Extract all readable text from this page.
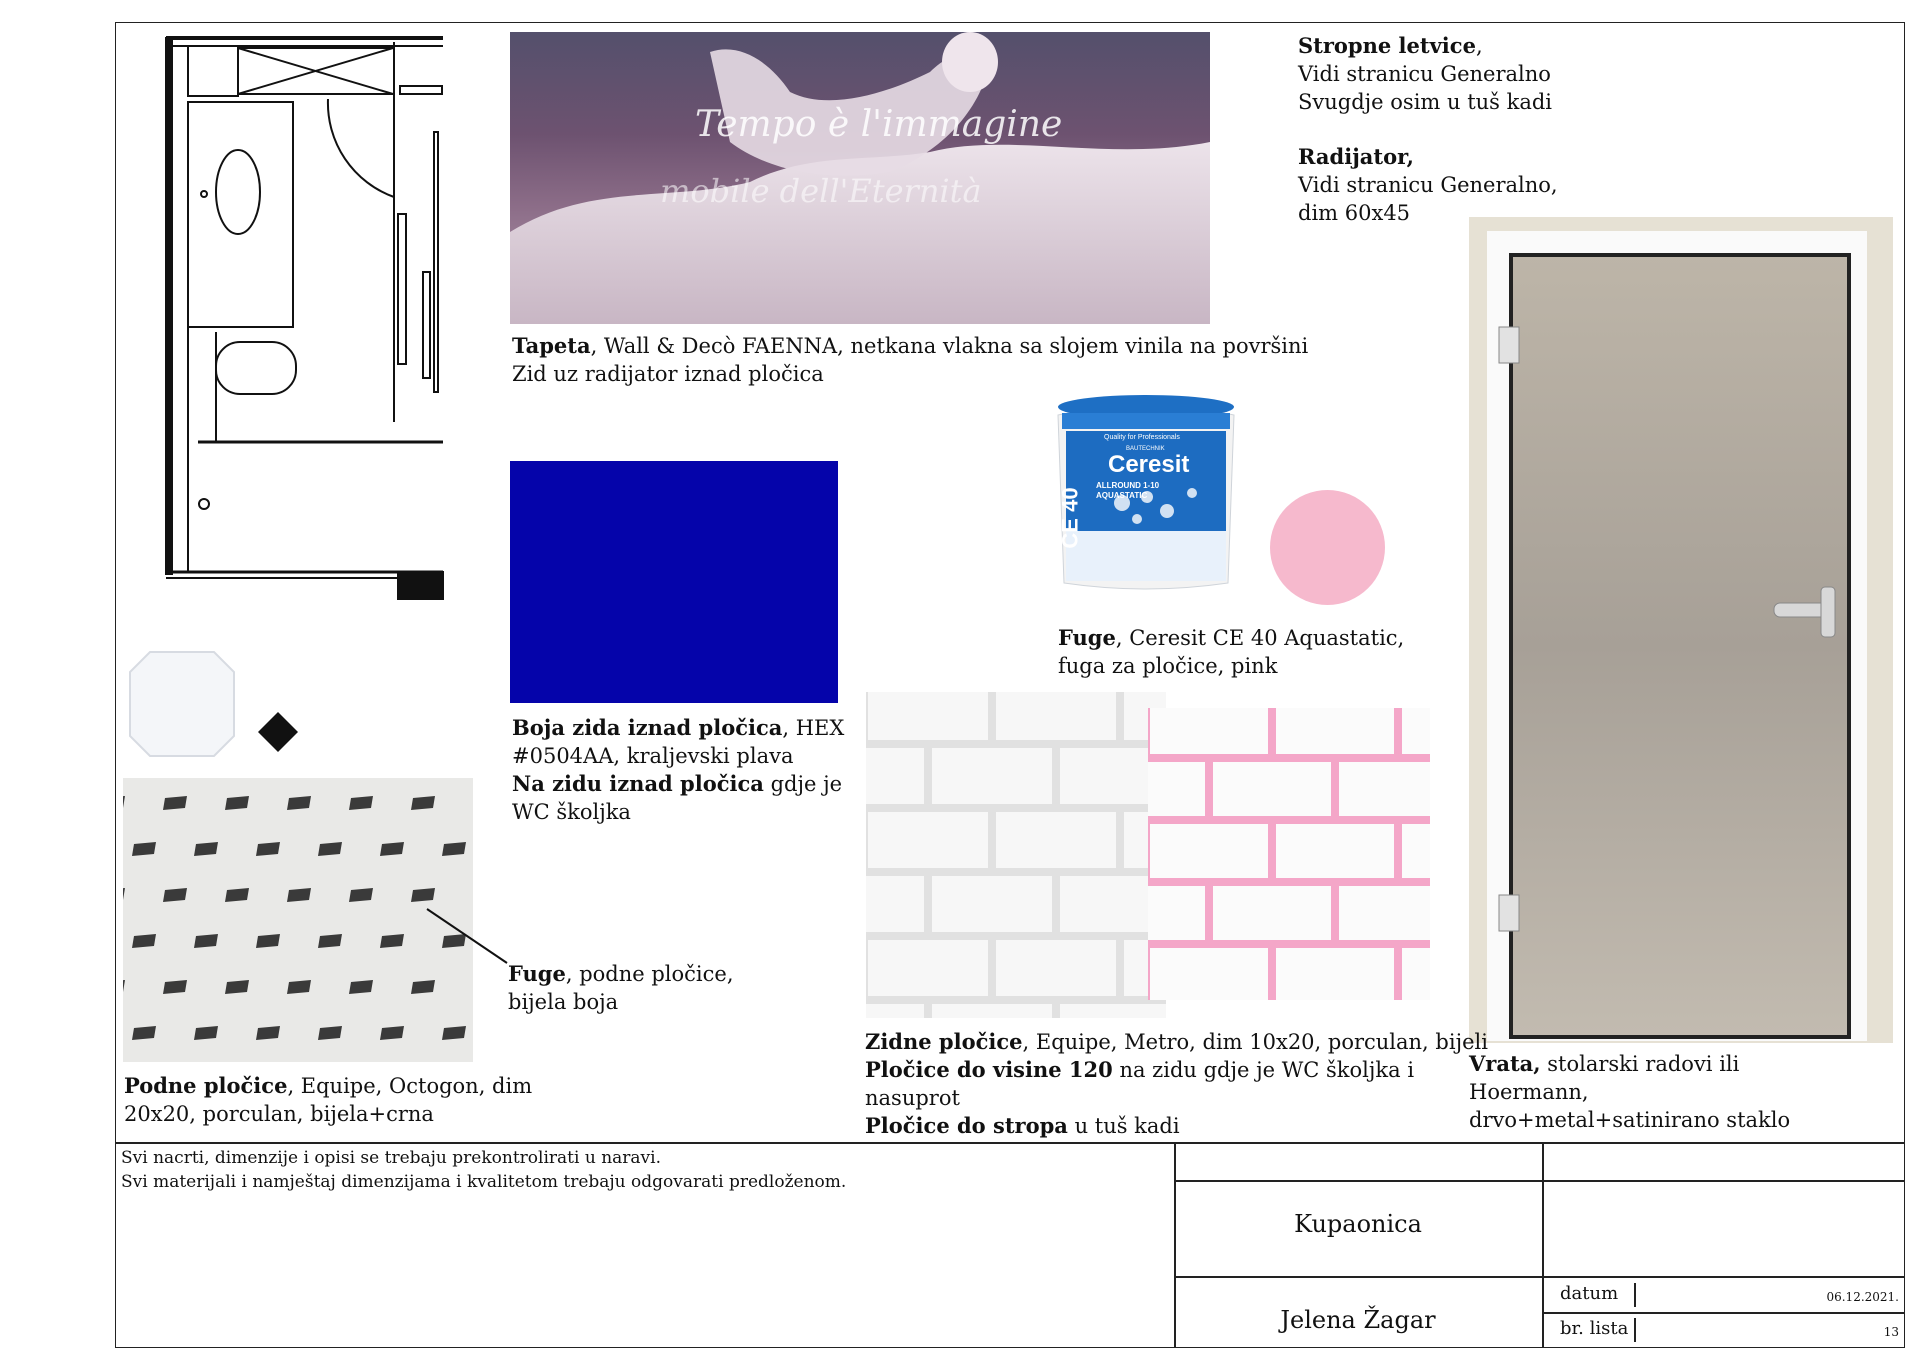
Tempo è l'immagine
mobile dell'Eternità
Stropne letvice,
Vidi stranicu Generalno
Svugdje osim u tuš kadi
Radijator,
Vidi stranicu Generalno,
dim 60x45
Tapeta, Wall & Decò FAENNA, netkana vlakna sa slojem vinila na površini
Zid uz radijator iznad pločica
Quality for Professionals
BAUTECHNIK
Ceresit
CE 40
ALLROUND 1-10 AQUASTATIC
Fuge, Ceresit CE 40 Aquastatic,
fuga za pločice, pink
Boja zida iznad pločica, HEX
#0504AA, kraljevski plava
Na zidu iznad pločica gdje je
WC školjka
Vrata, stolarski radovi ili
Hoermann,
drvo+metal+satinirano staklo
Fuge, podne pločice,
bijela boja
Podne pločice, Equipe, Octogon, dim
20x20, porculan, bijela+crna
Zidne pločice, Equipe, Metro, dim 10x20, porculan, bijeli
Pločice do visine 120 na zidu gdje je WC školjka i
nasuprot
Pločice do stropa u tuš kadi
Svi nacrti, dimenzije i opisi se trebaju prekontrolirati u naravi.
Svi materijali i namještaj dimenzijama i kvalitetom trebaju odgovarati predloženom.
Kupaonica
Jelena Žagar
datum	06.12.2021.
br. lista	13
